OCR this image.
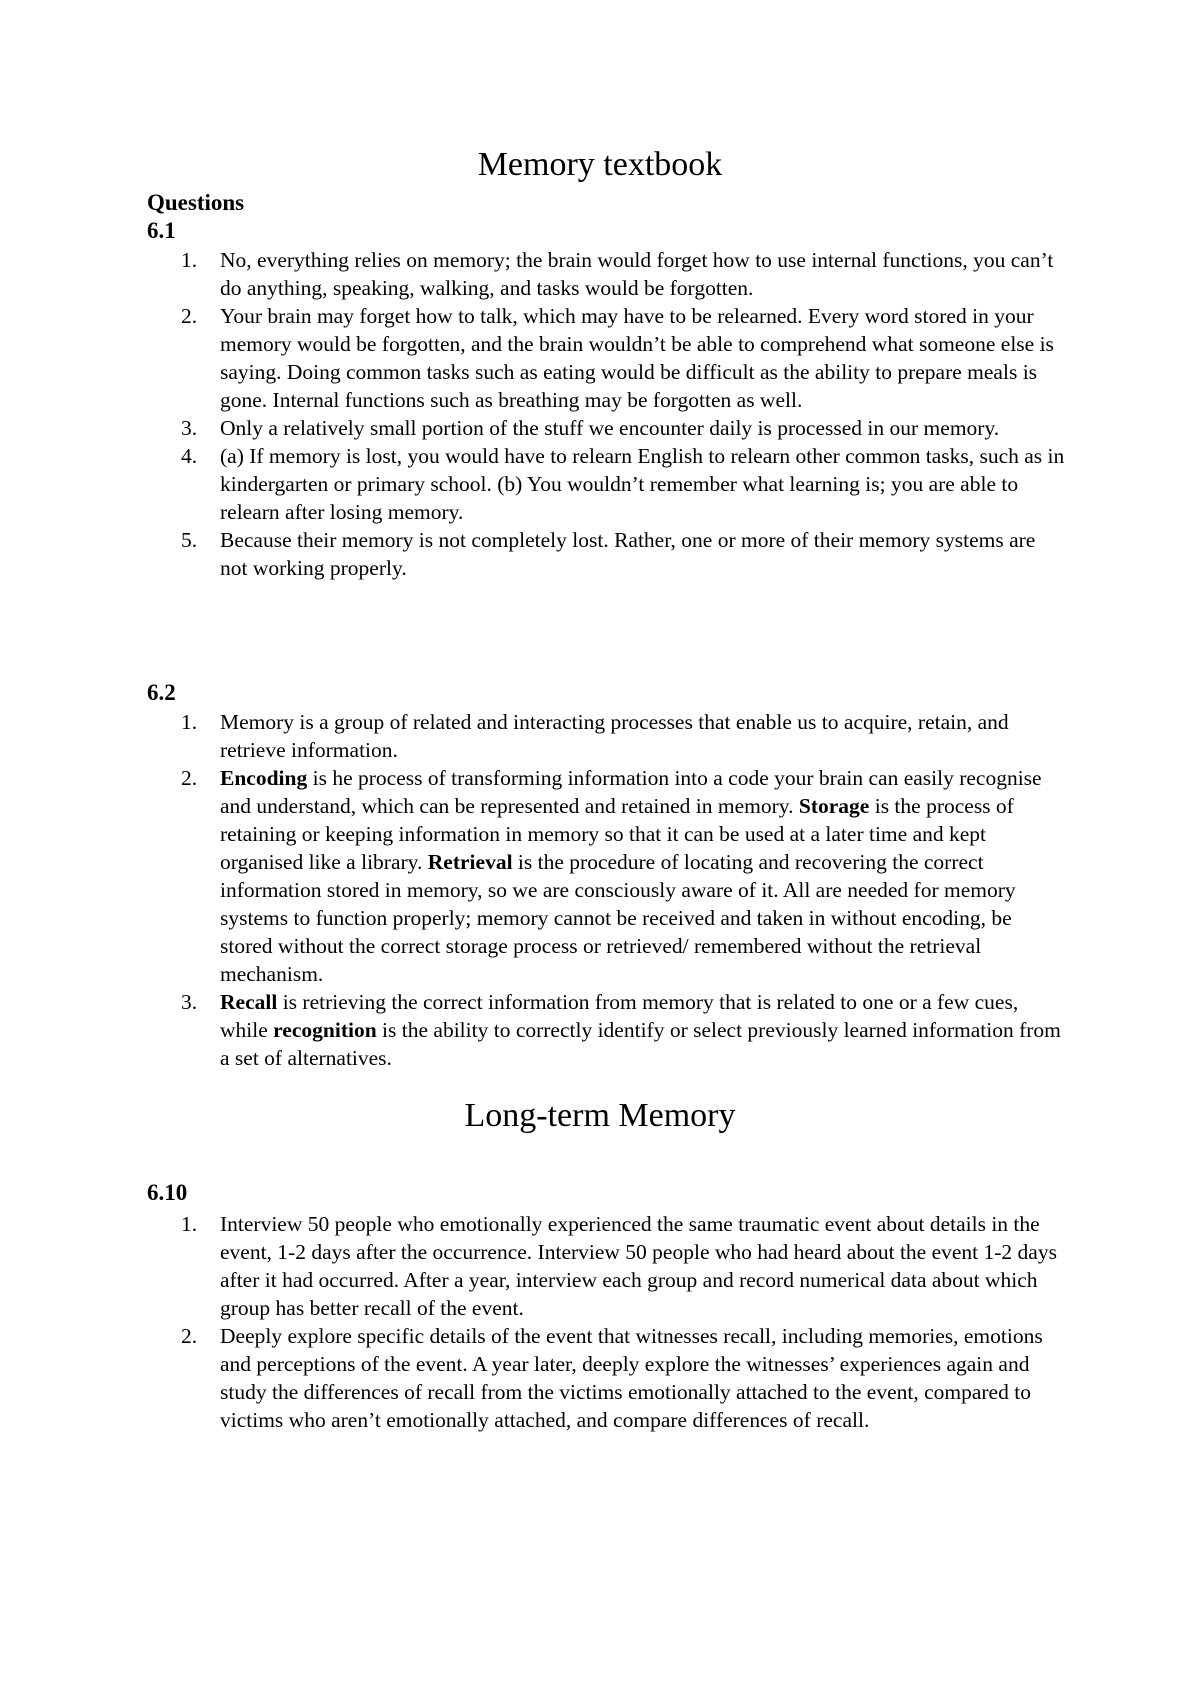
Memory textbook
Questions
6.1
1. No, everything relies on memory; the brain would forget how to use internal functions, you can’t do anything, speaking, walking, and tasks would be forgotten.
2. Your brain may forget how to talk, which may have to be relearned. Every word stored in your memory would be forgotten, and the brain wouldn’t be able to comprehend what someone else is saying. Doing common tasks such as eating would be difficult as the ability to prepare meals is gone. Internal functions such as breathing may be forgotten as well.
3. Only a relatively small portion of the stuff we encounter daily is processed in our memory.
4. (a) If memory is lost, you would have to relearn English to relearn other common tasks, such as in kindergarten or primary school. (b) You wouldn’t remember what learning is; you are able to relearn after losing memory.
5. Because their memory is not completely lost. Rather, one or more of their memory systems are not working properly.
6.2
1. Memory is a group of related and interacting processes that enable us to acquire, retain, and retrieve information.
2. Encoding is he process of transforming information into a code your brain can easily recognise and understand, which can be represented and retained in memory. Storage is the process of retaining or keeping information in memory so that it can be used at a later time and kept organised like a library. Retrieval is the procedure of locating and recovering the correct information stored in memory, so we are consciously aware of it. All are needed for memory systems to function properly; memory cannot be received and taken in without encoding, be stored without the correct storage process or retrieved/ remembered without the retrieval mechanism.
3. Recall is retrieving the correct information from memory that is related to one or a few cues, while recognition is the ability to correctly identify or select previously learned information from a set of alternatives.
Long-term Memory
6.10
1. Interview 50 people who emotionally experienced the same traumatic event about details in the event, 1-2 days after the occurrence. Interview 50 people who had heard about the event 1-2 days after it had occurred. After a year, interview each group and record numerical data about which group has better recall of the event.
2. Deeply explore specific details of the event that witnesses recall, including memories, emotions and perceptions of the event. A year later, deeply explore the witnesses’ experiences again and study the differences of recall from the victims emotionally attached to the event, compared to victims who aren’t emotionally attached, and compare differences of recall.
